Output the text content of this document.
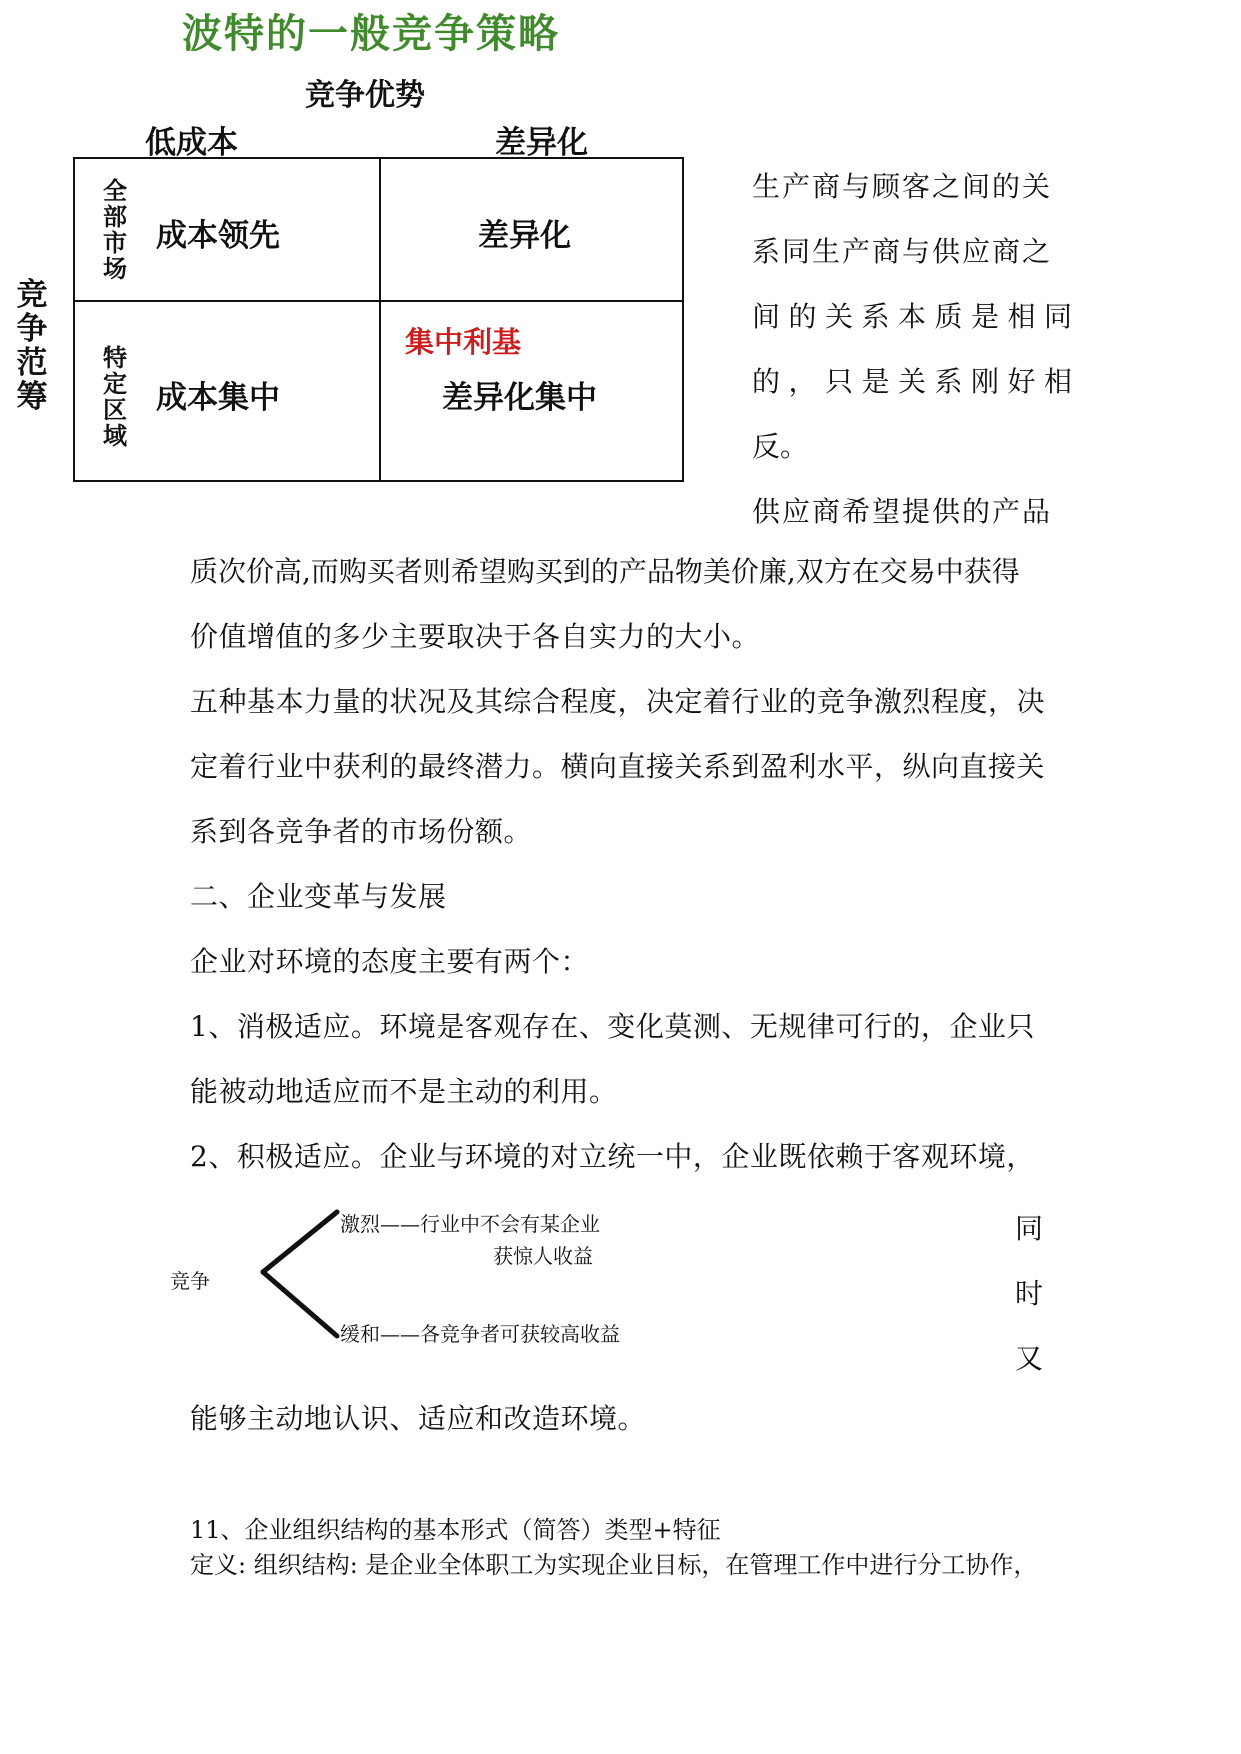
波特的一般竞争策略
竞争优势
低成本	差异化
竞争范筹
全部市场
特定区域
成本领先	差异化
成本集中
集中利基
差异化集中
生产商与顾客之间的关
系同生产商与供应商之
间的关系本质是相同
的，只是关系刚好相
反。
供应商希望提供的产品
质次价高,而购买者则希望购买到的产品物美价廉,双方在交易中获得
价值增值的多少主要取决于各自实力的大小。
五种基本力量的状况及其综合程度，决定着行业的竞争激烈程度，决
定着行业中获利的最终潜力。横向直接关系到盈利水平，纵向直接关
系到各竞争者的市场份额。
二、企业变革与发展
企业对环境的态度主要有两个：
1、消极适应。环境是客观存在、变化莫测、无规律可行的，企业只
能被动地适应而不是主动的利用。
2、积极适应。企业与环境的对立统一中，企业既依赖于客观环境，
竞争
激烈——行业中不会有某企业
获惊人收益
缓和——各竞争者可获较高收益
同
时
又
能够主动地认识、适应和改造环境。
11、企业组织结构的基本形式（简答）类型+特征
定义: 组织结构: 是企业全体职工为实现企业目标，在管理工作中进行分工协作，
